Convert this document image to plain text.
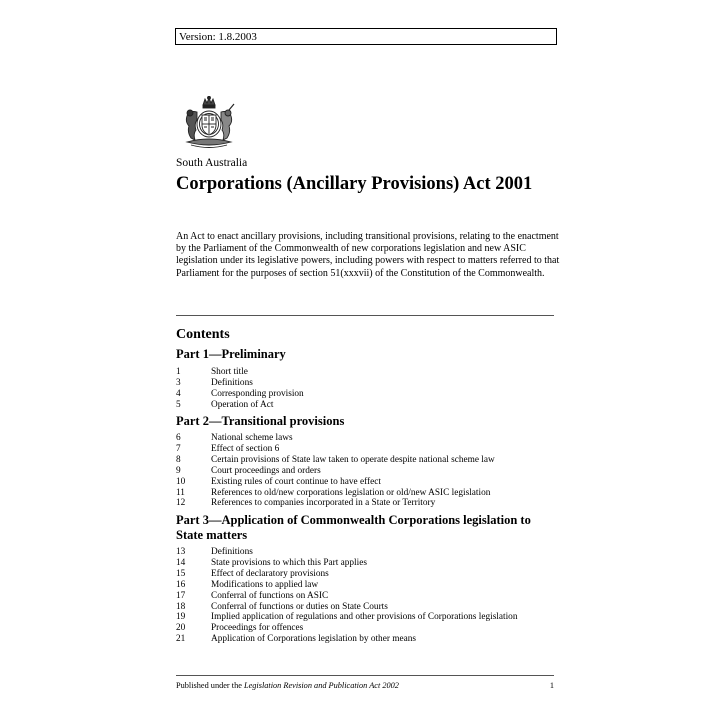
Version: 1.8.2003
South Australia
Corporations (Ancillary Provisions) Act 2001

An Act to enact ancillary provisions, including transitional provisions, relating to the enactment by the Parliament of the Commonwealth of new corporations legislation and new ASIC legislation under its legislative powers, including powers with respect to matters referred to that Parliament for the purposes of section 51(xxxvii) of the Constitution of the Commonwealth.

Contents
Part 1—Preliminary
1	Short title
3	Definitions
4	Corresponding provision
5	Operation of Act
Part 2—Transitional provisions
6	National scheme laws
7	Effect of section 6
8	Certain provisions of State law taken to operate despite national scheme law
9	Court proceedings and orders
10	Existing rules of court continue to have effect
11	References to old/new corporations legislation or old/new ASIC legislation
12	References to companies incorporated in a State or Territory
Part 3—Application of Commonwealth Corporations legislation to State matters
13	Definitions
14	State provisions to which this Part applies
15	Effect of declaratory provisions
16	Modifications to applied law
17	Conferral of functions on ASIC
18	Conferral of functions or duties on State Courts
19	Implied application of regulations and other provisions of Corporations legislation
20	Proceedings for offences
21	Application of Corporations legislation by other means
Published under the Legislation Revision and Publication Act 2002	1
